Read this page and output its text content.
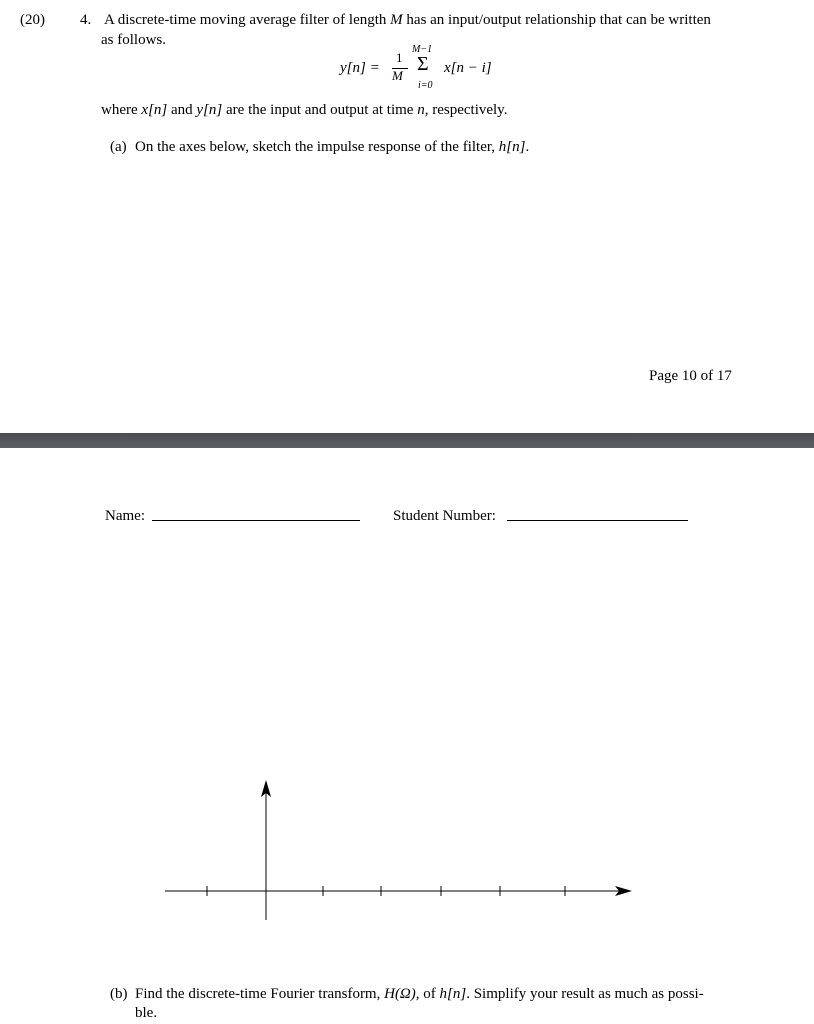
(20) 4. A discrete-time moving average filter of length M has an input/output relationship that can be written
as follows.
y[n] =
1
M
M−1
Σ
i=0
x[n − i]
where x[n] and y[n] are the input and output at time n, respectively.
(a) On the axes below, sketch the impulse response of the filter, h[n].
Page 10 of 17
Name:	Student Number:
(b) Find the discrete-time Fourier transform, H(Ω), of h[n]. Simplify your result as much as possi-
ble.
